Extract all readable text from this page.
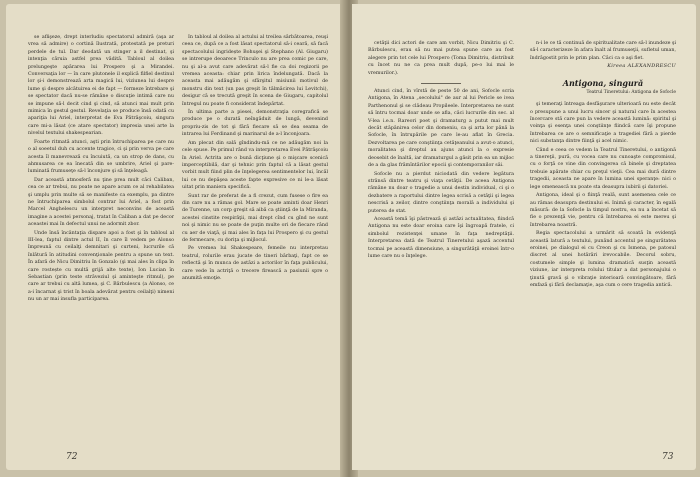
se aflişeze, drept interludiu spectatorul admiră (aşa ar vrea să admire) o cortină îlustrată, protestată pe preturi perdele de tul. Dar deodată un stinger a il destinat, şi intenţia căruia astfel prea vădită. Tabloul al doilea prelungeşte apărarea lui Prospero şi a Mirandei. Conversaţia lor — în care plutonele il explică filfiel destinul lor şi-i demonstrează arta magică lui, viziunea lui despre lume şi despre alcătuirea ei de fapt — formeze întrebare şi se spectator dacă nu-se rămâne o discuţie intimă care nu se impune să-l decit cind şi cind, să atunci mai mult prin mimica în gestul gestul. Revelaţia se produce însă odată cu apariţia lui Ariel, interpretat de Eva Pătrăşcoiu, singura care mi-a lăsat (ce atare spectator) impresia unei arte la nivelul textului shakespearian.

Foarte ritmată atunci, aşti prin întruchiparea pe care nu o al soeetul duh cu accente tragice, ci şi prin verva pe care acesta îl manevrează cu încuiută, ca un strop de dans, cu ahmusarea ce ea înecată din se umbrire, Ariel şi pare-luminată frumuseţe să-l înconjure şi să înţeleagă.

Dar această atmosferă nu ţine prea mult căci Caliban, cea ce ar trebui, nu poate ne apare acum ce al rehabilatea şi umplu prin multe să se manifeste ca exemplu, pa dintre ne întruchiparea simbolul contrar lui Ariel, a fost prin Marcel Anghelescu un interpret neconvins de această imagine a acestei personaj, tratat în Caliban a dat pe decor aceastei mai în defectul unui ne adormit zbor.

Unde însă încântaţia dispare apoi a fost şi în tabloul al III-lea, faptul dintre actul II, în care îl vedem pe Alonso împreună cu ceilalţi demnitari şi curteni, lucrurile că înlătură în atitudini convenţionale pentru a spune un text. În afară de Nicu Dimitriu în Gonzalo (şi mai ales în clipa în care rostește cu multă grijă alte texte), Ion Lucian în Sebastian (prin teste străveziul şi aminteşte ritmul), pe care ar trebui cu altă lumea, şi C. Bărbulescu (a Alonso, ce a-i încarnat şi trist în boala adevărat pentru ceilalţi) nimeni nu un ar mai insufla participarea.

In tabloul al doilea al actului al treilea sărbătoarea, reuşi ceea ce, după ce a fost lăsat spectatorul să-i ceară, să facă spectacolului ingridește Bohuşei şi Stephano (Al. Giugaru) se intrerupe deoarece Trinculo nu are prea comic pe care, nu şi al-a avut care adevărat să-l fie ca doi regizorii pe vremea aceasta: chiar prin lirica îndelungată. Dacă la aceasta mai adăugăm şi sfârşitul misiunii motivul de monstru din text (un pas greşit în tălmăcirea lui Levitchi), desigur că se trecută greşit în scena de Giugaru, capitolul întregul nu poate fi considerat îndepărtat.

În ultima parte a piesei, demonstraţia coregrafică se produce pe o durată neîngăduit de lungă, devenind propriu-zis de tot şi fără fiecare să se dea seama de intrarea lui Ferdinand şi marinarul de a-l înconjoara.

Am plecat din sală gîndindu-mă ce ne adăugăm noi la cele spuse. Pe primul rând va interpretarea Evei Pătrăşcoiu în Ariel. Actrita are o bună dicţiune şi o mişcare scenică imperceptibilă, dar şi tehnic prin faptul că a lăsat gestul vorbit mult fiind plin de înţelegerea sentimentelor lui, încăl lui ce nu depăşea aceste fapte expresive ce ni le-a lăsat uitat prin maniera specifică.

Sunt rar de preferat de a fi crezut, cum fusese o fire ea din care nu a rămas gol. Mare se poate aminti doar Henri de Turenne, un corp greşit să aibă ca ştiinţă de la Miranda, acestei cinstite respirăţii, mai drept cînd cu gînd ne sunt noi şi nimic nu se poate de puţin multe ori de fiecare rând cu aer de viaţă, şi mai ales în faţa lui Prospero şi cu gestul de fermecare, cu doriţa şi mijlocul.

Pe vremea lui Shakespeare, femeile nu interpretau teatrul, rolurile erau jucate de tineri bărbaţi, fapt ce se reflectă şi în munca de astăzi a actorilor în faţa publicului, care vede în actriţă o trecere firească a pasiunii spre o anumită emoţie.

72

cetăţii dici actori de care am vorbit, Nicu Dimitriu şi C. Bărbulescu, erau să nu mai putea spune care au fost alegere prin tot cele lui Prospero (Toma Dimitriu, distribuit cu încet nu ne ca prea mult după, pe-o lui mai le vremurilor.).

Atunci cind, în vîrstă de peste 50 de ani, Sofocle scria Antigona, în Atena „secolului" de aur al lui Pericle se ivea Parthenonul şi se clădeau Propileele. Interpretarea ne sunt să întru tocmai doar unde se afla, căci lucrurile din sec. al V-lea i.e.n. Rareori poet şi dramaturg a putut mai mult decât stăpânirea celor din domeniu, ca şi arta lor până la Sofocle, în întrupările pe care le-au aflat în Grecia. Dezvoltarea pe care conştiinţa cetăţeanului a avut-o atunci, moralitatea şi dreptul au ajuns atunci la o expresie deosebit de înaltă, iar dramaturgul a găsit prin ea un mijloc de a da glas frămîntărilor epocii şi contemporanilor săi.

Sofocle nu a pierdut niciodată din vedere legătura strânsă dintre teatru şi viaţa cetăţii. De aceea Antigona rămâne nu doar o tragedie a unui destin individual, ci şi o dezbatere a raportului dintre legea scrisă a cetăţii şi legea nescrisă a zeilor, dintre conştiinţa morală a individului şi puterea de stat.

Această temă îşi păstrează şi astăzi actualitatea, fiindcă Antigona nu este doar eroina care îşi îngroapă fratele, ci simbolul rezistenţei umane în faţa nedreptăţii. Interpretarea dată de Teatrul Tineretului aşază accentul tocmai pe această dimensiune, a singurătăţii eroinei într-o lume care nu o înţelege.

n-i le ce tă continuă de spiritualitate care să-l inundeze şi să-l caracterizeze în afara înalt al frumuseţii, sufletul uman, îndrăgostit prin le prim plan. Căci ca o aşi fiet.

Kireea ALEXANDRESCU
Antigona, singură
Teatrul Tineretului: Antigona de Sofocle

şi temeraţi întreaga desfăşurare ulterioară nu este decât o presupune a unui lucru sincer şi natural care în acestea încercare stă care pun la vedere această lumină: spiritul şi voinţa şi esenţa unei conştiinţe fiindcă care îşi propune întrebarea ce are o semnificaţie a tragediei fără a pierde nici substanţa dintre fiinţă şi acel nimic.

Când e ceea ce vedem la Teatrul Tineretului, o antigonă a tinereţii, pură, cu vocea care nu cunoaşte compromisul, cu o forţă ce vine din convingerea că binele şi dreptatea trebuie apărate chiar cu preţul vieţii. Cea mai dură dintre tragedii, aceasta ne apare în lumina unei speranţe: nici o lege omenească nu poate sta deasupra iubirii şi datoriei.

Antigona, ideal şi o fiinţă reală, sunt asemenea cele ce au rămas deasupra destinului ei. Inimă şi caracter, în egală măsură: de la Sofocle la timpul nostru, ea nu a încetat să fie o prezenţă vie, pentru că întrebarea ei este mereu şi întrebarea noastră.

Regia spectacolului a urmărit să scoată în evidenţă această latură a textului, punând accentul pe singurătatea eroinei, pe dialogul ei cu Creon şi cu Ismena, pe patosul discret al unei hotărâri irevocabile. Decorul sobru, costumele simple şi lumina dramatică susţin această viziune, iar interpreta rolului titular a dat personajului o ţinută gravă şi o vibraţie interioară convingătoare, fără emfază şi fără declamaţie, aşa cum o cere tragedia antică.

73
